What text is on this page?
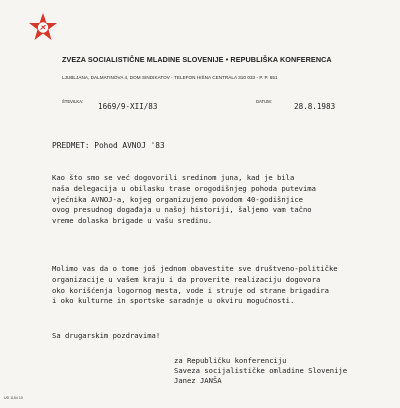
ZVEZA SOCIALISTIČNE MLADINE SLOVENIJE • REPUBLIŠKA KONFERENCA
LJUBLJANA, DALMATINOVA 4, DOM SINDIKATOV - TELEFON HIŠNA CENTRALA 310 033 - P. P. 651
ŠTEVILKA:
1669/9-XII/83
DATUM:
28.8.1983
PREDMET: Pohod AVNOJ '83

Kao što smo se već dogovorili sredinom juna, kad je bila
naša delegacija u obilasku trase orogodišnjeg pohoda putevima
vjećnika AVNOJ-a, kojeg organizujemo povodom 40-godišnjice
ovog presudnog događaja u našoj historiji, šaljemo vam tačno
vreme dolaska brigade u vašu sredinu.

Molimo vas da o tome još jednom obavestite sve društveno-političke
organizacije u vašem kraju i da proverite realizaciju dogovora
oko korišćenja logornog mesta, vode i struje od strane brigadira
i oko kulturne in sportske saradnje u okviru mogućnosti.

Sa drugarskim pozdravima!
za Republičku konferenciju
Saveza socijalističke omladine Slovenije
Janez JANŠA
UD 1154 10
